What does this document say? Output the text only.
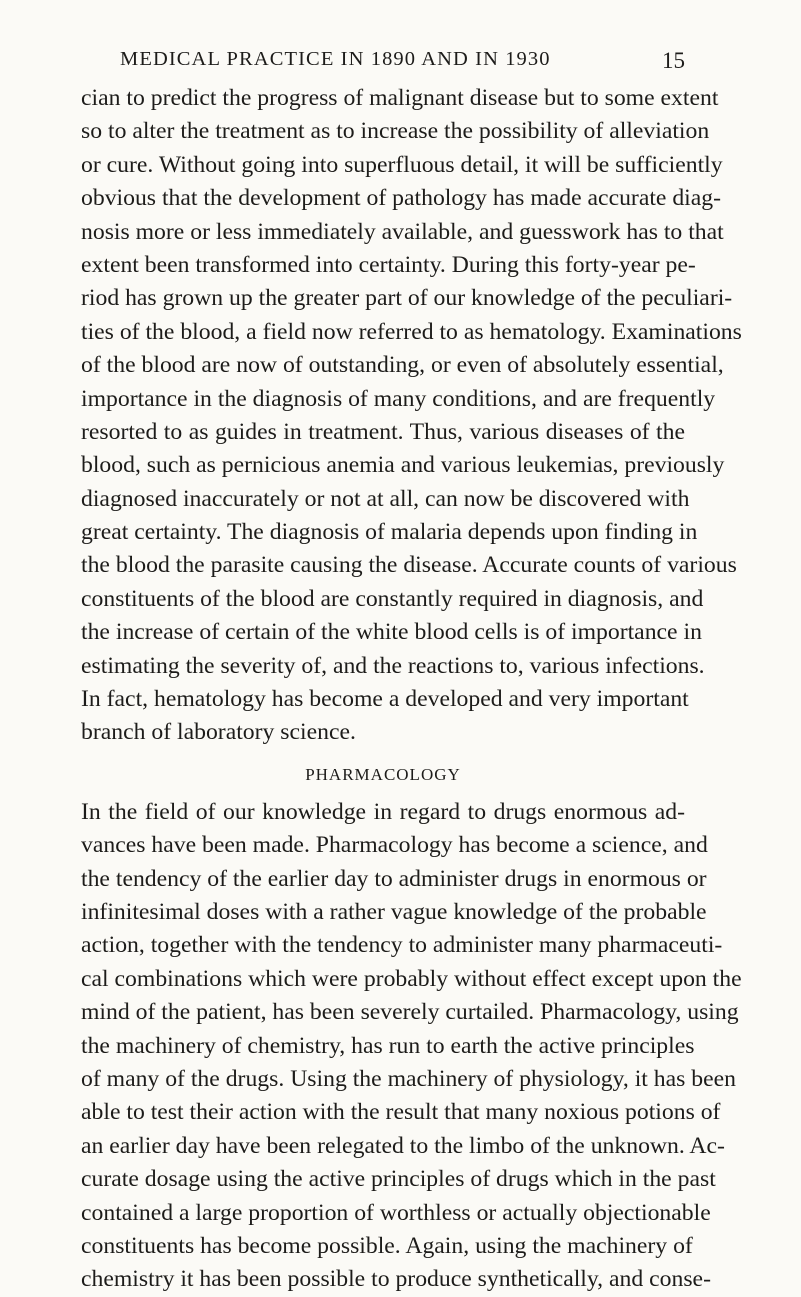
MEDICAL PRACTICE IN 1890 AND IN 1930	15
cian to predict the progress of malignant disease but to some extent
so to alter the treatment as to increase the possibility of alleviation
or cure. Without going into superfluous detail, it will be sufficiently
obvious that the development of pathology has made accurate diag-
nosis more or less immediately available, and guesswork has to that
extent been transformed into certainty. During this forty-year pe-
riod has grown up the greater part of our knowledge of the peculiari-
ties of the blood, a field now referred to as hematology. Examinations
of the blood are now of outstanding, or even of absolutely essential,
importance in the diagnosis of many conditions, and are frequently
resorted to as guides in treatment. Thus, various diseases of the
blood, such as pernicious anemia and various leukemias, previously
diagnosed inaccurately or not at all, can now be discovered with
great certainty. The diagnosis of malaria depends upon finding in
the blood the parasite causing the disease. Accurate counts of various
constituents of the blood are constantly required in diagnosis, and
the increase of certain of the white blood cells is of importance in
estimating the severity of, and the reactions to, various infections.
In fact, hematology has become a developed and very important
branch of laboratory science.
PHARMACOLOGY
In the field of our knowledge in regard to drugs enormous ad-
vances have been made. Pharmacology has become a science, and
the tendency of the earlier day to administer drugs in enormous or
infinitesimal doses with a rather vague knowledge of the probable
action, together with the tendency to administer many pharmaceuti-
cal combinations which were probably without effect except upon the
mind of the patient, has been severely curtailed. Pharmacology, using
the machinery of chemistry, has run to earth the active principles
of many of the drugs. Using the machinery of physiology, it has been
able to test their action with the result that many noxious potions of
an earlier day have been relegated to the limbo of the unknown. Ac-
curate dosage using the active principles of drugs which in the past
contained a large proportion of worthless or actually objectionable
constituents has become possible. Again, using the machinery of
chemistry it has been possible to produce synthetically, and conse-
